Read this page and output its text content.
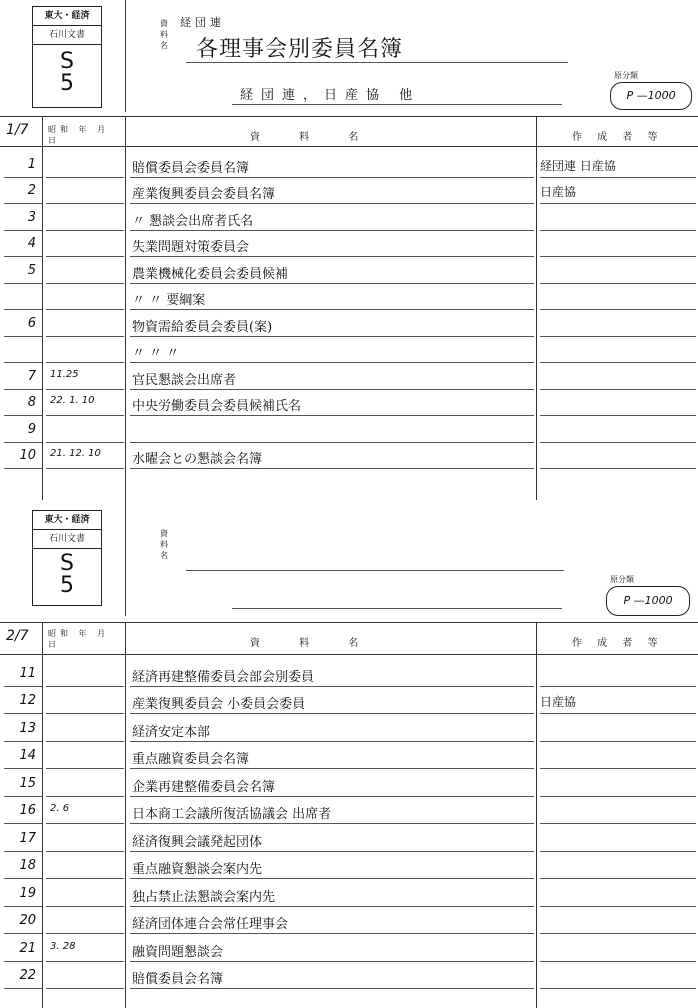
東大・経済
石川文書
S
5
資料名
経団連
各理事会別委員名簿
経団連，日産協 他
原分類
P —1000
1/7 昭和 年 月 日	資 料 名	作 成 者 等
1	賠償委員会委員名簿	経団連 日産協
2	産業復興委員会委員名簿	日産協
3	〃 懇談会出席者氏名
4	失業問題対策委員会
5	農業機械化委員会委員候補
〃 〃 要綱案
6	物資需給委員会委員(案)
〃 〃 〃
7 11.25	官民懇談会出席者
8 22. 1. 10	中央労働委員会委員候補氏名
9
10 21. 12. 10	水曜会との懇談会名簿
東大・経済
石川文書
S
5
資料名
原分類
P —1000
2/7 昭和 年 月 日	資 料 名	作 成 者 等
11	経済再建整備委員会部会別委員
12	産業復興委員会 小委員会委員	日産協
13	経済安定本部
14	重点融資委員会名簿
15	企業再建整備委員会名簿
16 2. 6	日本商工会議所復活協議会 出席者
17	経済復興会議発起団体
18	重点融資懇談会案内先
19	独占禁止法懇談会案内先
20	経済団体連合会常任理事会
21 3. 28	融資問題懇談会
22	賠償委員会名簿
